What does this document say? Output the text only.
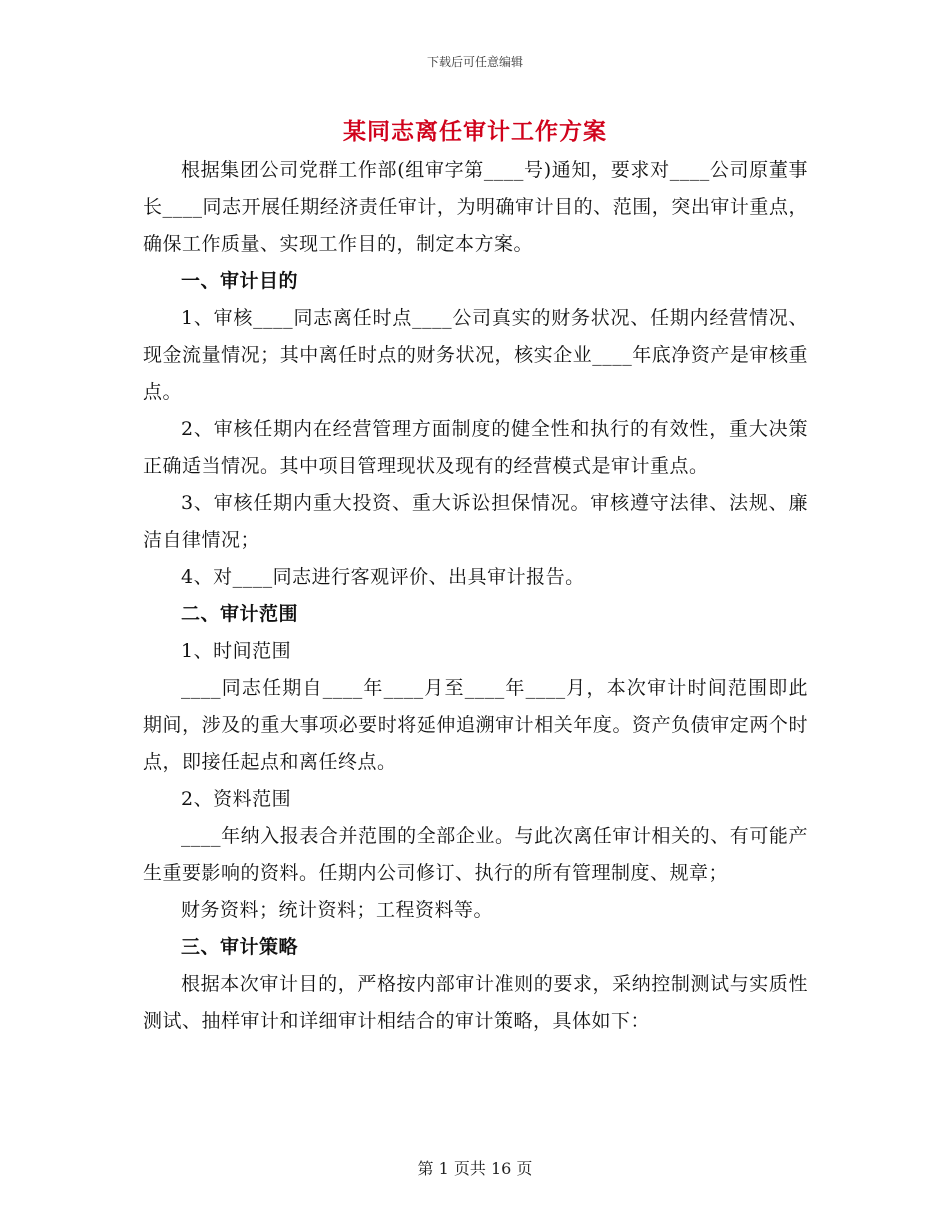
下载后可任意编辑
某同志离任审计工作方案

根据集团公司党群工作部(组审字第____号)通知，要求对____公司原董事长____同志开展任期经济责任审计，为明确审计目的、范围，突出审计重点，确保工作质量、实现工作目的，制定本方案。

一、审计目的

1、审核____同志离任时点____公司真实的财务状况、任期内经营情况、现金流量情况；其中离任时点的财务状况，核实企业____年底净资产是审核重点。

2、审核任期内在经营管理方面制度的健全性和执行的有效性，重大决策正确适当情况。其中项目管理现状及现有的经营模式是审计重点。

3、审核任期内重大投资、重大诉讼担保情况。审核遵守法律、法规、廉洁自律情况；

4、对____同志进行客观评价、出具审计报告。

二、审计范围

1、时间范围

____同志任期自____年____月至____年____月，本次审计时间范围即此期间，涉及的重大事项必要时将延伸追溯审计相关年度。资产负债审定两个时点，即接任起点和离任终点。

2、资料范围

____年纳入报表合并范围的全部企业。与此次离任审计相关的、有可能产生重要影响的资料。任期内公司修订、执行的所有管理制度、规章；

财务资料；统计资料；工程资料等。

三、审计策略

根据本次审计目的，严格按内部审计准则的要求，采纳控制测试与实质性测试、抽样审计和详细审计相结合的审计策略，具体如下：

第 1 页共 16 页
